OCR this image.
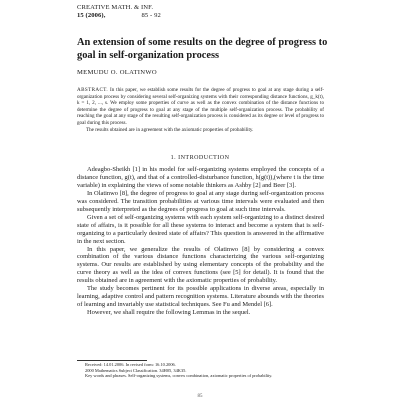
CREATIVE MATH. & INF.
15 (2006),	85 - 92
An extension of some results on the degree of progress to goal in self-organization process
MEMUDU O. OLATINWO
ABSTRACT. In this paper, we establish some results for the degree of progress to goal at any stage during a self-organization process by considering several self-organizing systems with their corresponding distance functions, g_k(t), k = 1, 2, ..., s. We employ some properties of curve as well as the convex combination of the distance functions to determine the degree of progress to goal at any stage of the multiple self-organization process. The probability of reaching the goal at any stage of the resulting self-organization process is considered as its degree or level of progress to goal during this process.
The results obtained are in agreement with the axiomatic properties of probability.
1. INTRODUCTION

Adeagbo-Sheikh [1] in his model for self-organizing systems employed the concepts of a distance function, g(t), and that of a controlled-disturbance function, h(g(t)),(where t is the time variable) in explaining the views of some notable thinkers as Ashby [2] and Beer [3].

In Olatinwo [8], the degree of progress to goal at any stage during self-organization process was considered. The transition probabilities at various time intervals were evaluated and then subsequently interpreted as the degrees of progress to goal at such time intervals.

Given a set of self-organizing systems with each system self-organizing to a distinct desired state of affairs, is it possible for all these systems to interact and become a system that is self-organizing to a particularly desired state of affairs? This question is answered in the affirmative in the next section.

In this paper, we generalize the results of Olatinwo [8] by considering a convex combination of the various distance functions characterizing the various self-organizing systems. Our results are established by using elementary concepts of the probability and the curve theory as well as the idea of convex functions (see [5] for detail). It is found that the results obtained are in agreement with the axiomatic properties of probability.

The study becomes pertinent for its possible applications in diverse areas, especially in learning, adaptive control and pattern recognition systems. Literature abounds with the theories of learning and invariably use statistical techniques. See Fu and Mendel [6].

However, we shall require the following Lemmas in the sequel.

Received: 14.01.2006. In revised form: 16.10.2006.
2000 Mathematics Subject Classification. 34H05, 34K35.
Key words and phrases. Self-organizing systems, convex combination, axiomatic properties of probability.
85
